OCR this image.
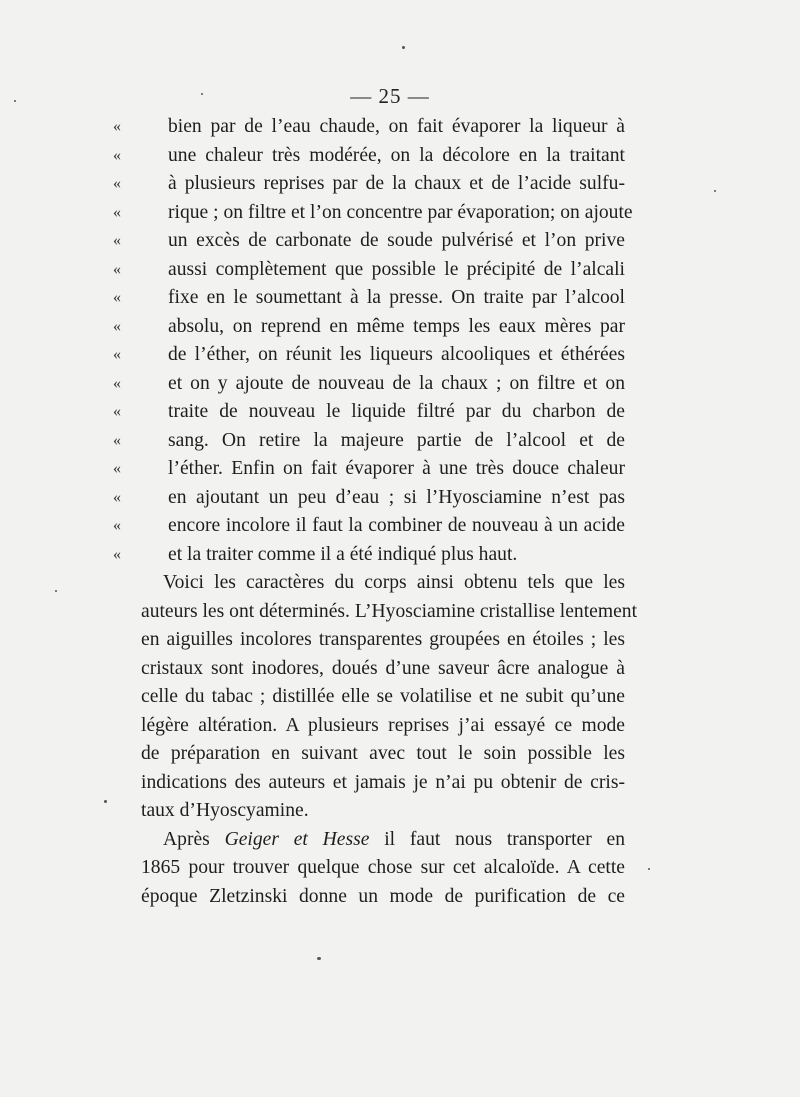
— 25 —
« bien par de l’eau chaude, on fait évaporer la liqueur à
« une chaleur très modérée, on la décolore en la traitant
« à plusieurs reprises par de la chaux et de l’acide sulfu-
« rique ; on filtre et l’on concentre par évaporation; on ajoute
« un excès de carbonate de soude pulvérisé et l’on prive
« aussi complètement que possible le précipité de l’alcali
« fixe en le soumettant à la presse. On traite par l’alcool
« absolu, on reprend en même temps les eaux mères par
« de l’éther, on réunit les liqueurs alcooliques et éthérées
« et on y ajoute de nouveau de la chaux ; on filtre et on
« traite de nouveau le liquide filtré par du charbon de
« sang. On retire la majeure partie de l’alcool et de
« l’éther. Enfin on fait évaporer à une très douce chaleur
« en ajoutant un peu d’eau ; si l’Hyosciamine n’est pas
« encore incolore il faut la combiner de nouveau à un acide
« et la traiter comme il a été indiqué plus haut.
Voici les caractères du corps ainsi obtenu tels que les
auteurs les ont déterminés. L’Hyosciamine cristallise lentement
en aiguilles incolores transparentes groupées en étoiles ; les
cristaux sont inodores, doués d’une saveur âcre analogue à
celle du tabac ; distillée elle se volatilise et ne subit qu’une
légère altération. A plusieurs reprises j’ai essayé ce mode
de préparation en suivant avec tout le soin possible les
indications des auteurs et jamais je n’ai pu obtenir de cris-
taux d’Hyoscyamine.
Après Geiger et Hesse il faut nous transporter en
1865 pour trouver quelque chose sur cet alcaloïde. A cette
époque Zletzinski donne un mode de purification de ce
